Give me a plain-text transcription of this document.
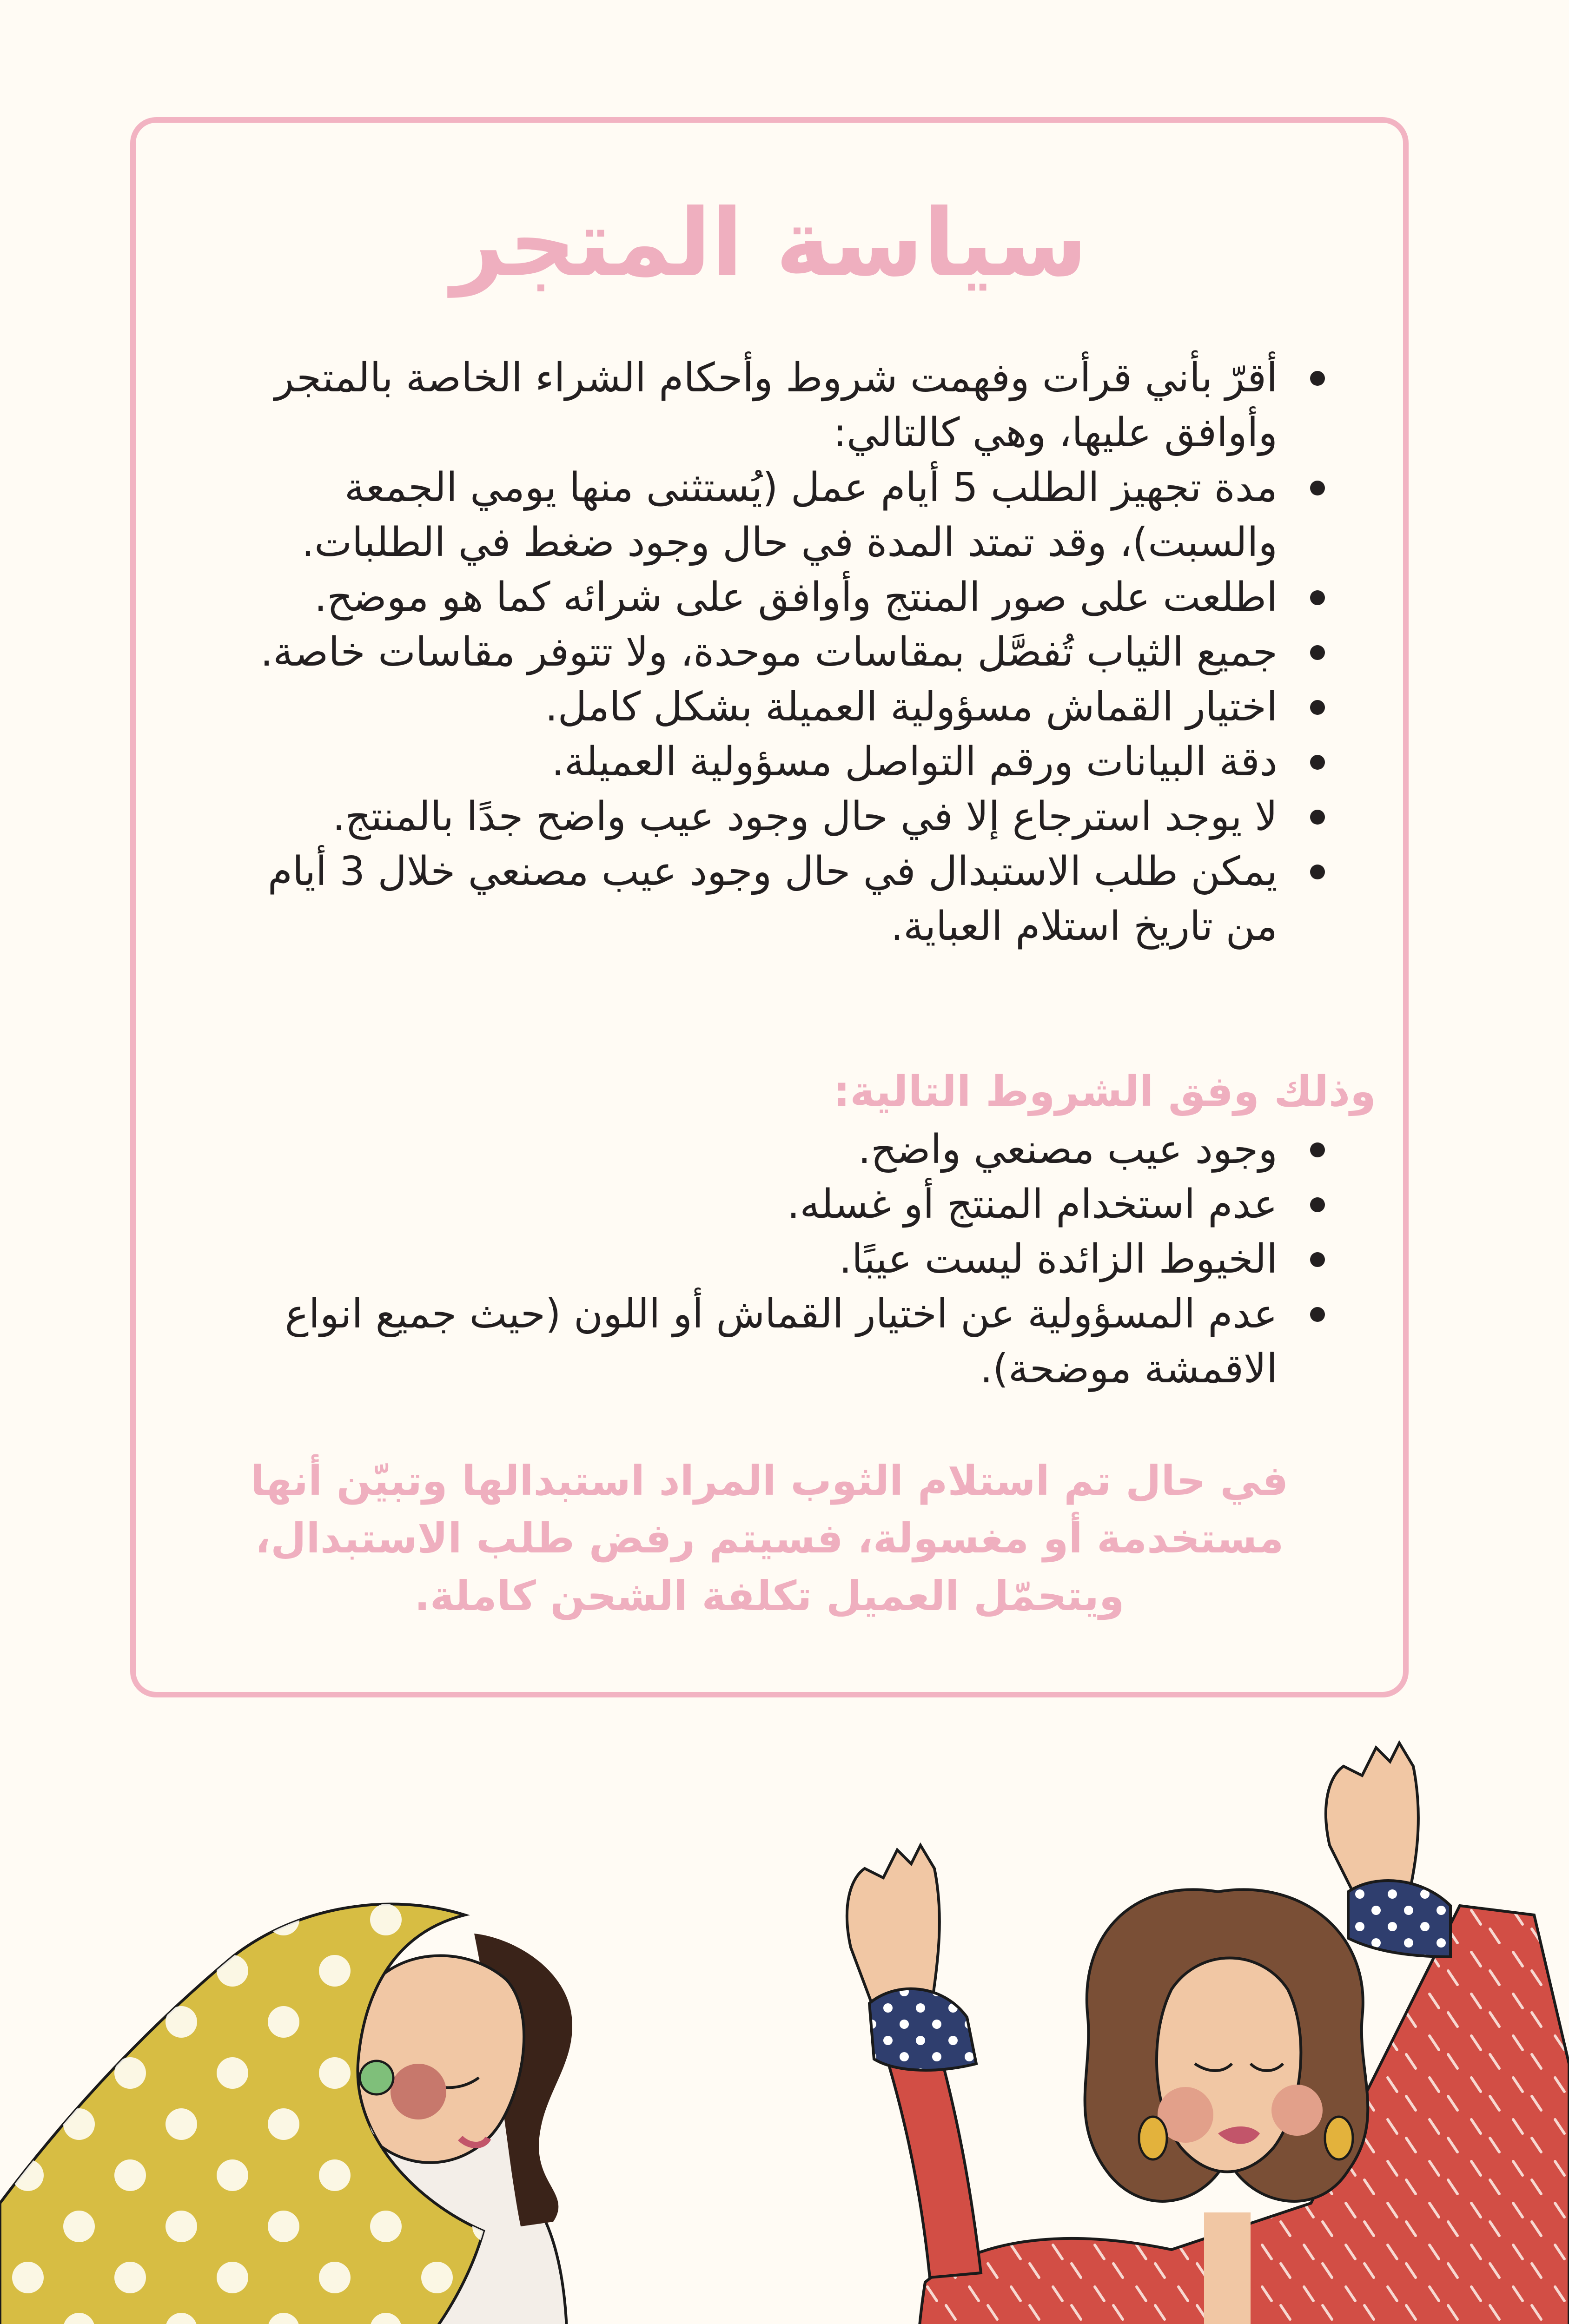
سياسة المتجر
أقرّ بأني قرأت وفهمت شروط وأحكام الشراء الخاصة بالمتجر وأوافق عليها، وهي كالتالي:
مدة تجهيز الطلب 5 أيام عمل (يُستثنى منها يومي الجمعة والسبت)، وقد تمتد المدة في حال وجود ضغط في الطلبات.
اطلعت على صور المنتج وأوافق على شرائه كما هو موضح.
جميع الثياب تُفصَّل بمقاسات موحدة، ولا تتوفر مقاسات خاصة.
اختيار القماش مسؤولية العميلة بشكل كامل.
دقة البيانات ورقم التواصل مسؤولية العميلة.
لا يوجد استرجاع إلا في حال وجود عيب واضح جدًا بالمنتج.
يمكن طلب الاستبدال في حال وجود عيب مصنعي خلال 3 أيام من تاريخ استلام العباية.
وذلك وفق الشروط التالية:
وجود عيب مصنعي واضح.
عدم استخدام المنتج أو غسله.
الخيوط الزائدة ليست عيبًا.
عدم المسؤولية عن اختيار القماش أو اللون (حيث جميع انواع الاقمشة موضحة).
في حال تم استلام الثوب المراد استبدالها وتبيّن أنها مستخدمة أو مغسولة، فسيتم رفض طلب الاستبدال، ويتحمّل العميل تكلفة الشحن كاملة.
